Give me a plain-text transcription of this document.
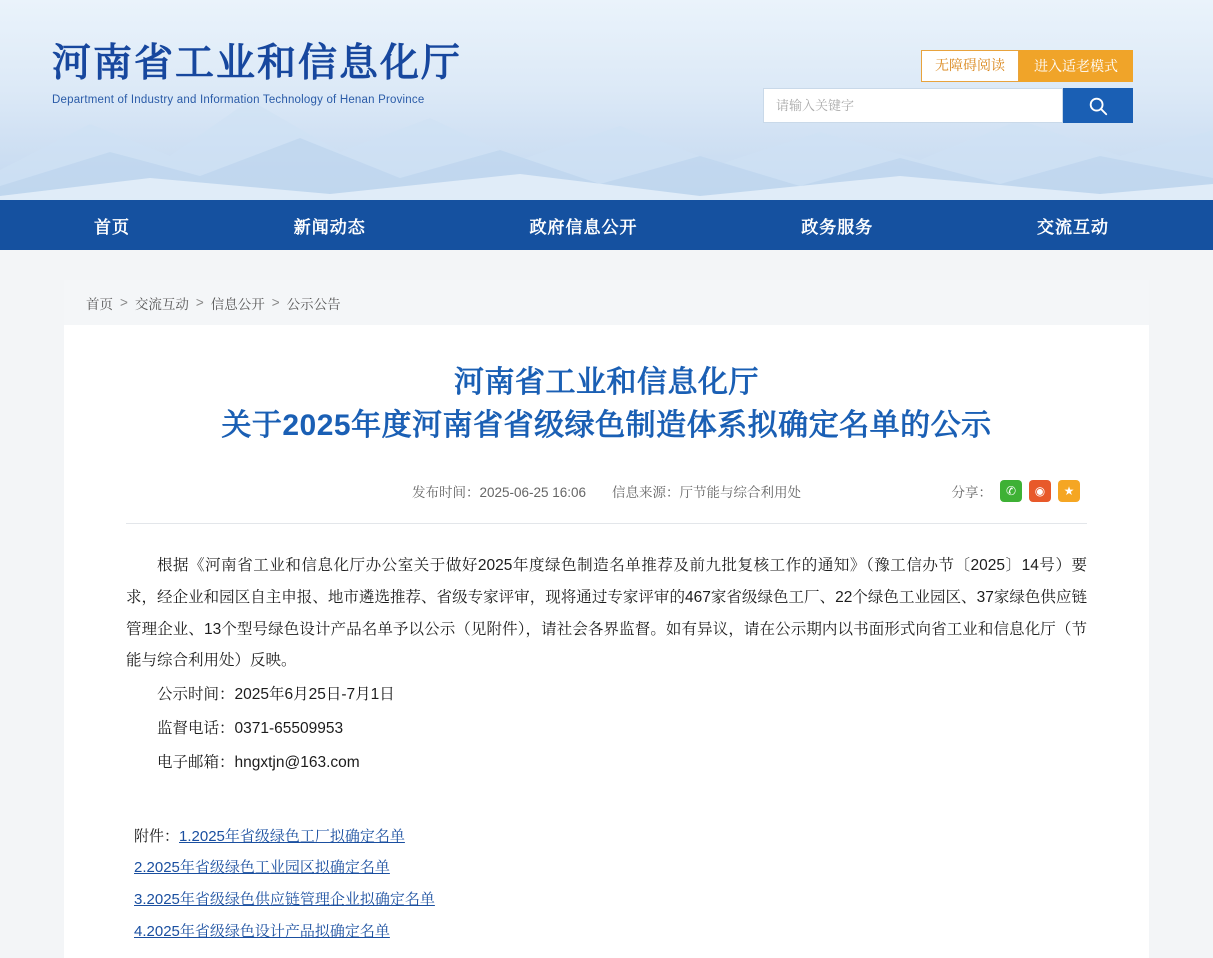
河南省工业和信息化厅
Department of Industry and Information Technology of Henan Province
无障碍阅读	进入适老模式
请输入关键字
首页	新闻动态	政府信息公开	政务服务	交流互动
首页 > 交流互动 > 信息公开 > 公示公告
河南省工业和信息化厅
关于2025年度河南省省级绿色制造体系拟确定名单的公示
发布时间：2025-06-25 16:06 信息来源：厅节能与综合利用处	分享：	✆	◉	★

根据《河南省工业和信息化厅办公室关于做好2025年度绿色制造名单推荐及前九批复核工作的通知》（豫工信办节〔2025〕14号）要求，经企业和园区自主申报、地市遴选推荐、省级专家评审，现将通过专家评审的467家省级绿色工厂、22个绿色工业园区、37家绿色供应链管理企业、13个型号绿色设计产品名单予以公示（见附件），请社会各界监督。如有异议，请在公示期内以书面形式向省工业和信息化厅（节能与综合利用处）反映。

公示时间：2025年6月25日-7月1日

监督电话：0371-65509953

电子邮箱：hngxtjn@163.com

附件：1.2025年省级绿色工厂拟确定名单
2.2025年省级绿色工业园区拟确定名单
3.2025年省级绿色供应链管理企业拟确定名单
4.2025年省级绿色设计产品拟确定名单
